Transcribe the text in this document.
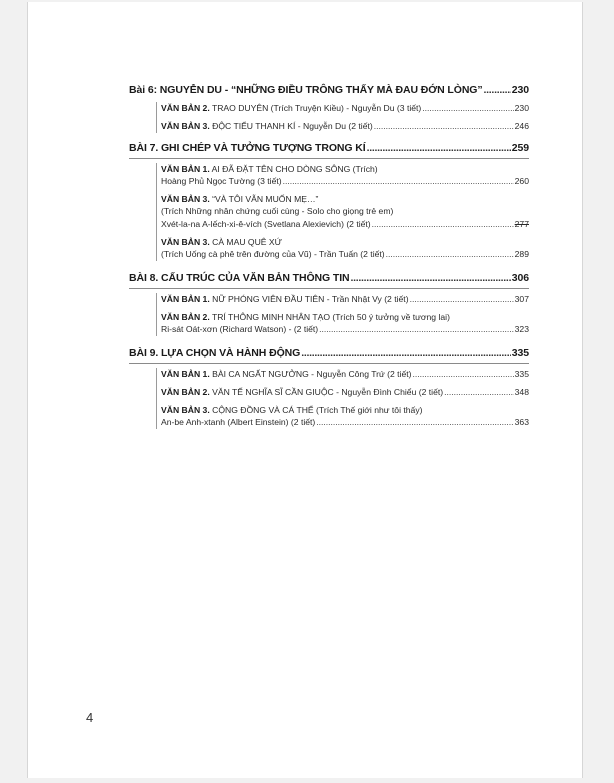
Bài 6: NGUYỄN DU - “NHỮNG ĐIỀU TRÔNG THẤY MÀ ĐAU ĐỚN LÒNG” . . .	230
VĂN BẢN 2. TRAO DUYÊN (Trích Truyện Kiều) - Nguyễn Du (3 tiết) . . .	230
VĂN BẢN 3. ĐỘC TIỂU THANH KÍ - Nguyễn Du (2 tiết) . . .	246
BÀI 7. GHI CHÉP VÀ TƯỞNG TƯỢNG TRONG KÍ . . .	259
VĂN BẢN 1. AI ĐÃ ĐẶT TÊN CHO DÒNG SÔNG (Trích)
Hoàng Phủ Ngọc Tường (3 tiết) . . .	260
VĂN BẢN 3. “VÀ TÔI VẪN MUỐN MẸ…”
(Trích Những nhân chứng cuối cùng - Solo cho giọng trẻ em)
Xvét-la-na A-lếch-xi-ê-vích (Svetlana Alexievich) (2 tiết) . . .	277
VĂN BẢN 3. CÀ MAU QUÊ XỨ
(Trích Uống cà phê trên đường của Vũ) - Trần Tuấn (2 tiết) . . .	289
BÀI 8. CẤU TRÚC CỦA VĂN BẢN THÔNG TIN . . .	306
VĂN BẢN 1. NỮ PHÓNG VIÊN ĐẦU TIÊN - Trần Nhật Vy (2 tiết) . . .	307
VĂN BẢN 2. TRÍ THÔNG MINH NHÂN TẠO (Trích 50 ý tưởng về tương lai)
Ri-sát Oát-xơn (Richard Watson) - (2 tiết) . . .	323
BÀI 9. LỰA CHỌN VÀ HÀNH ĐỘNG . . .	335
VĂN BẢN 1. BÀI CA NGẤT NGƯỞNG - Nguyễn Công Trứ (2 tiết) . . .	335
VĂN BẢN 2. VĂN TẾ NGHĨA SĨ CẦN GIUỘC - Nguyễn Đình Chiểu (2 tiết) . . .	348
VĂN BẢN 3. CỘNG ĐỒNG VÀ CÁ THỂ (Trích Thế giới như tôi thấy)
An-be Anh-xtanh (Albert Einstein) (2 tiết) . . .	363
4
